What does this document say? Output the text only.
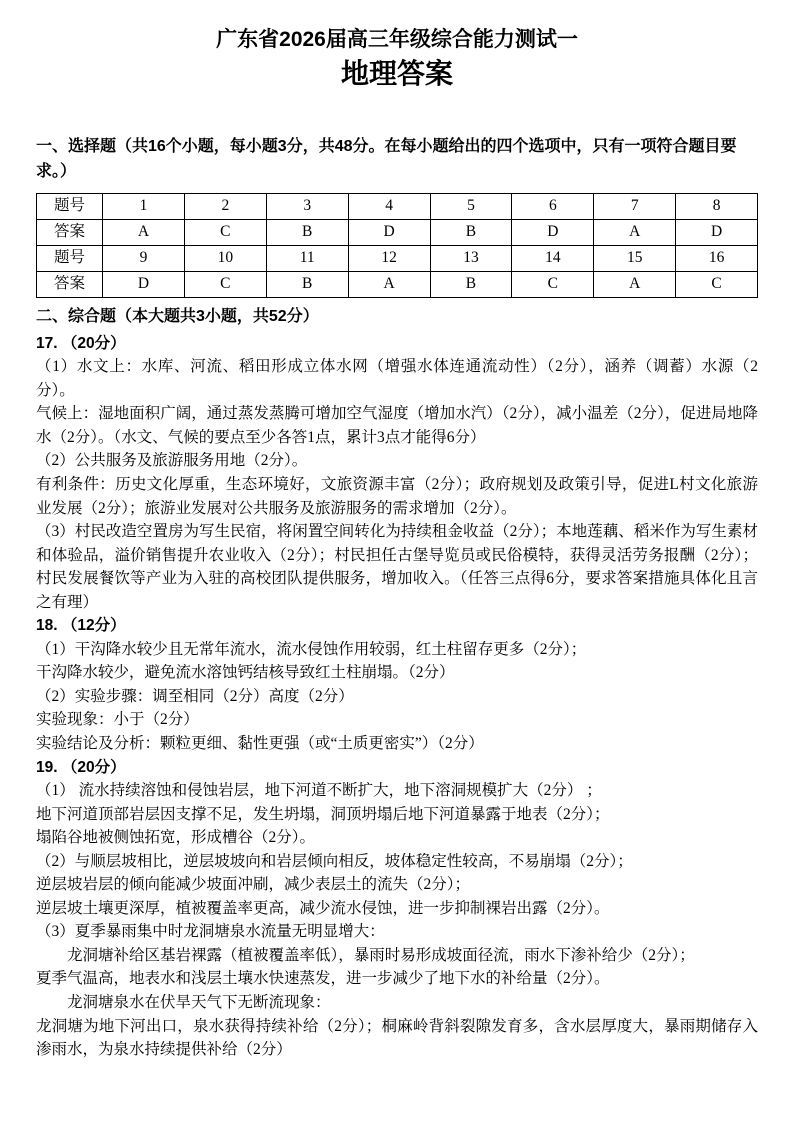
广东省2026届高三年级综合能力测试一
地理答案
一、选择题（共16个小题，每小题3分，共48分。在每小题给出的四个选项中，只有一项符合题目要求。）
题号	1	2	3	4	5	6	7	8
答案	A	C	B	D	B	D	A	D
题号	9	10	11	12	13	14	15	16
答案	D	C	B	A	B	C	A	C
二、综合题（本大题共3小题，共52分）

17. （20分）

（1）水文上：水库、河流、稻田形成立体水网（增强水体连通流动性）（2分），涵养（调蓄）水源（2分）。

气候上：湿地面积广阔，通过蒸发蒸腾可增加空气湿度（增加水汽）（2分），减小温差（2分），促进局地降水（2分）。（水文、气候的要点至少各答1点，累计3点才能得6分）

（2）公共服务及旅游服务用地（2分）。

有利条件：历史文化厚重，生态环境好，文旅资源丰富（2分）；政府规划及政策引导，促进L村文化旅游业发展（2分）；旅游业发展对公共服务及旅游服务的需求增加（2分）。

（3）村民改造空置房为写生民宿，将闲置空间转化为持续租金收益（2分）；本地莲藕、稻米作为写生素材和体验品，溢价销售提升农业收入（2分）；村民担任古堡导览员或民俗模特，获得灵活劳务报酬（2分）；村民发展餐饮等产业为入驻的高校团队提供服务，增加收入。（任答三点得6分，要求答案措施具体化且言之有理）

18. （12分）

（1）干沟降水较少且无常年流水，流水侵蚀作用较弱，红土柱留存更多（2分）；

干沟降水较少，避免流水溶蚀钙结核导致红土柱崩塌。（2分）

（2）实验步骤：调至相同（2分）高度（2分）

实验现象：小于（2分）

实验结论及分析：颗粒更细、黏性更强（或“土质更密实”）（2分）

19. （20分）

（1） 流水持续溶蚀和侵蚀岩层，地下河道不断扩大，地下溶洞规模扩大（2分） ；

地下河道顶部岩层因支撑不足，发生坍塌，洞顶坍塌后地下河道暴露于地表（2分）；

塌陷谷地被侧蚀拓宽，形成槽谷（2分）。

（2）与顺层坡相比，逆层坡坡向和岩层倾向相反，坡体稳定性较高，不易崩塌（2分）；

逆层坡岩层的倾向能减少坡面冲刷，减少表层土的流失（2分）；

逆层坡土壤更深厚，植被覆盖率更高，减少流水侵蚀，进一步抑制裸岩出露（2分）。

（3）夏季暴雨集中时龙洞塘泉水流量无明显增大：

龙洞塘补给区基岩裸露（植被覆盖率低），暴雨时易形成坡面径流，雨水下渗补给少（2分）；

夏季气温高，地表水和浅层土壤水快速蒸发，进一步减少了地下水的补给量（2分）。

龙洞塘泉水在伏旱天气下无断流现象：

龙洞塘为地下河出口，泉水获得持续补给（2分）；桐麻岭背斜裂隙发育多，含水层厚度大，暴雨期储存入渗雨水，为泉水持续提供补给（2分）
